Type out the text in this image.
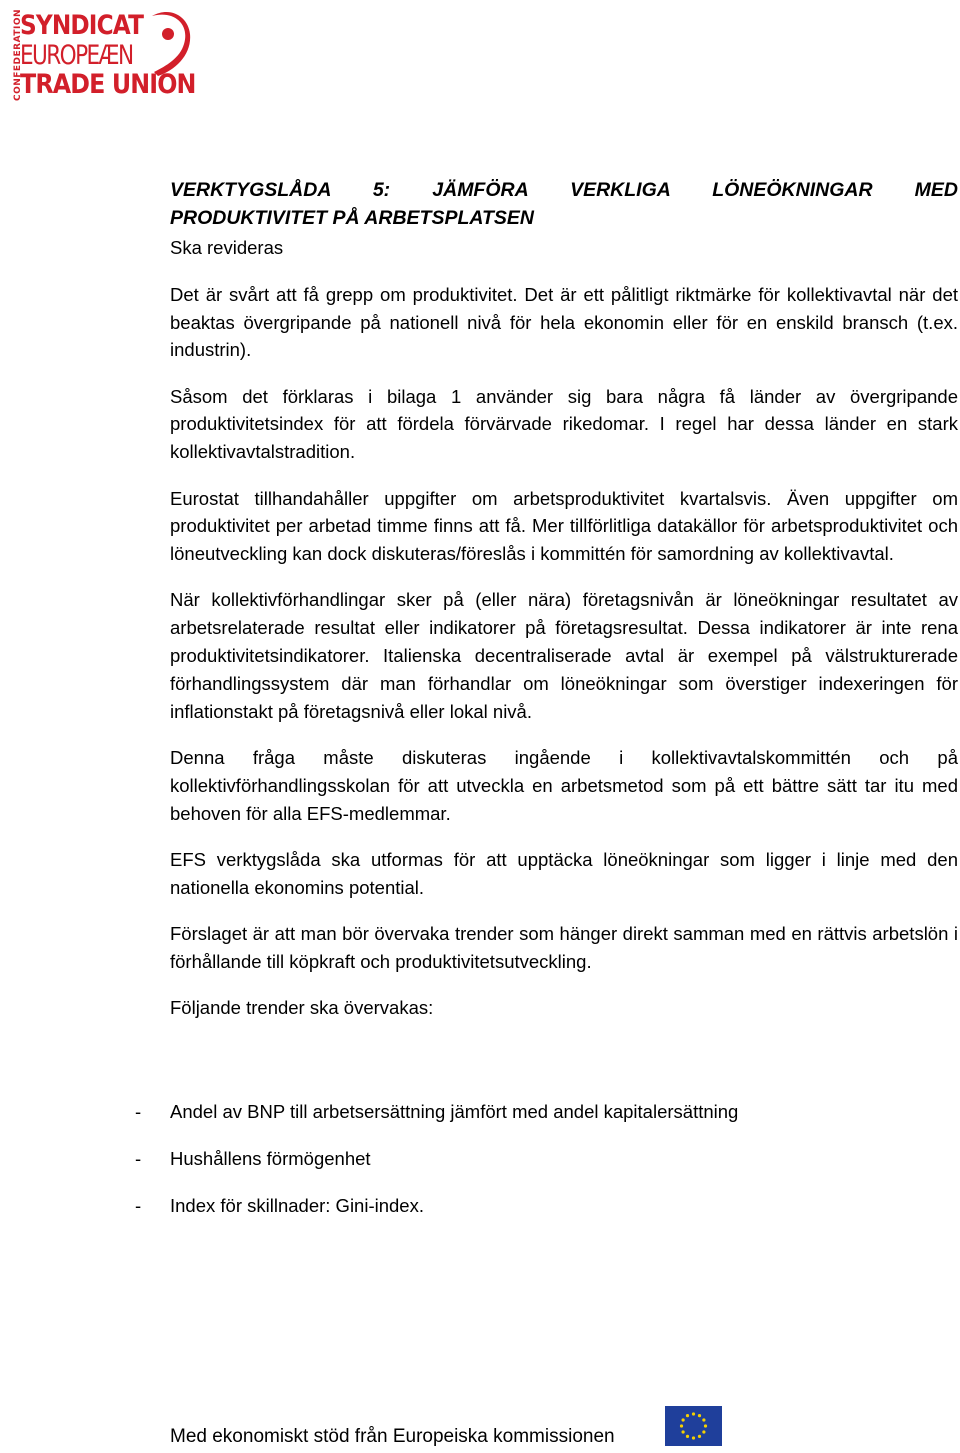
CONFEDERATION
SYNDICAT
EUROPEÆN
TRADE UNION
VERKTYGSLÅDA 5: JÄMFÖRA VERKLIGA LÖNEÖKNINGAR MED
PRODUKTIVITET PÅ ARBETSPLATSEN
Ska revideras

Det är svårt att få grepp om produktivitet. Det är ett pålitligt riktmärke för kollektivavtal när det beaktas övergripande på nationell nivå för hela ekonomin eller för en enskild bransch (t.ex. industrin).

Såsom det förklaras i bilaga 1 använder sig bara några få länder av övergripande produktivitetsindex för att fördela förvärvade rikedomar. I regel har dessa länder en stark kollektivavtalstradition.

Eurostat tillhandahåller uppgifter om arbetsproduktivitet kvartalsvis. Även uppgifter om produktivitet per arbetad timme finns att få. Mer tillförlitliga datakällor för arbetsproduktivitet och löneutveckling kan dock diskuteras/föreslås i kommittén för samordning av kollektivavtal.

När kollektivförhandlingar sker på (eller nära) företagsnivån är löneökningar resultatet av arbetsrelaterade resultat eller indikatorer på företagsresultat. Dessa indikatorer är inte rena produktivitetsindikatorer. Italienska decentraliserade avtal är exempel på välstrukturerade förhandlingssystem där man förhandlar om löneökningar som överstiger indexeringen för inflationstakt på företagsnivå eller lokal nivå.

Denna fråga måste diskuteras ingående i kollektivavtalskommittén och på kollektivförhandlingsskolan för att utveckla en arbetsmetod som på ett bättre sätt tar itu med behoven för alla EFS-medlemmar.

EFS verktygslåda ska utformas för att upptäcka löneökningar som ligger i linje med den nationella ekonomins potential.

Förslaget är att man bör övervaka trender som hänger direkt samman med en rättvis arbetslön i förhållande till köpkraft och produktivitetsutveckling.

Följande trender ska övervakas:

- Andel av BNP till arbetsersättning jämfört med andel kapitalersättning
- Hushållens förmögenhet
- Index för skillnader: Gini-index.
Med ekonomiskt stöd från Europeiska kommissionen
